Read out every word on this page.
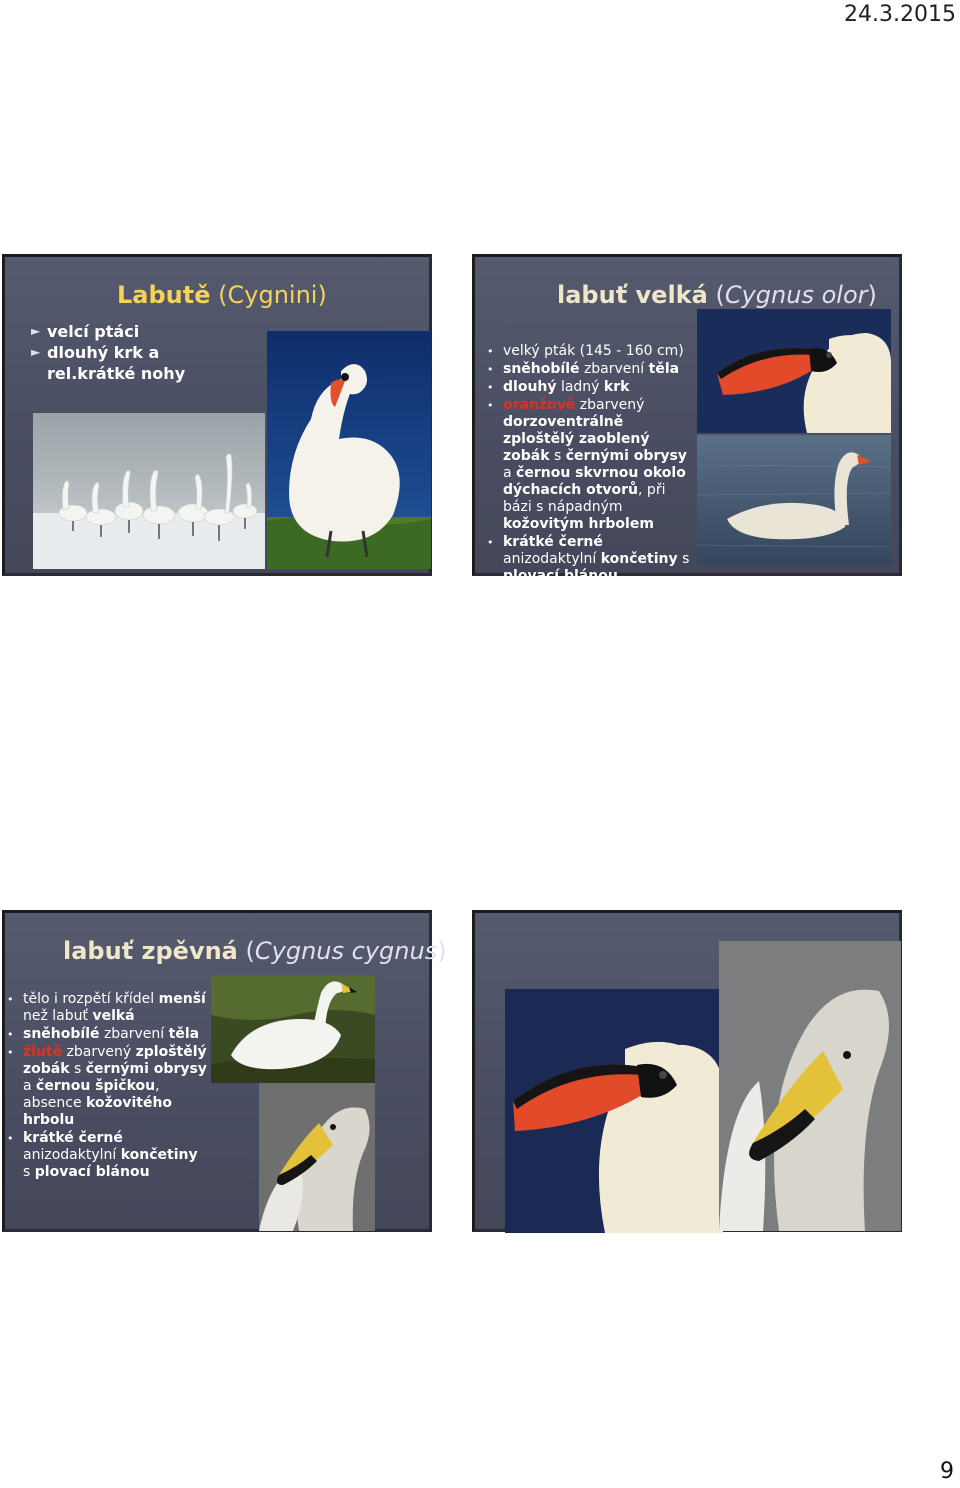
24.3.2015
Labutě (Cygnini)
► velcí ptáci
► dlouhý krk a rel.krátké nohy
labuť velká (Cygnus olor)
• velký pták (145 - 160 cm)
• sněhobílé zbarvení těla
• dlouhý ladný krk
• oranžově zbarvený dorzoventrálně zploštělý zaoblený zobák s černými obrysy a černou skvrnou okolo dýchacích otvorů, při bázi s nápadným kožovitým hrbolem
• krátké černé anizodaktylní končetiny s plovací blánou
labuť zpěvná (Cygnus cygnus)
• tělo i rozpětí křídel menší než labuť velká
• sněhobílé zbarvení těla
• žlutě zbarvený zploštělý zobák s černými obrysy a černou špičkou, absence kožovitého hrbolu
• krátké černé anizodaktylní končetiny s plovací blánou
9
